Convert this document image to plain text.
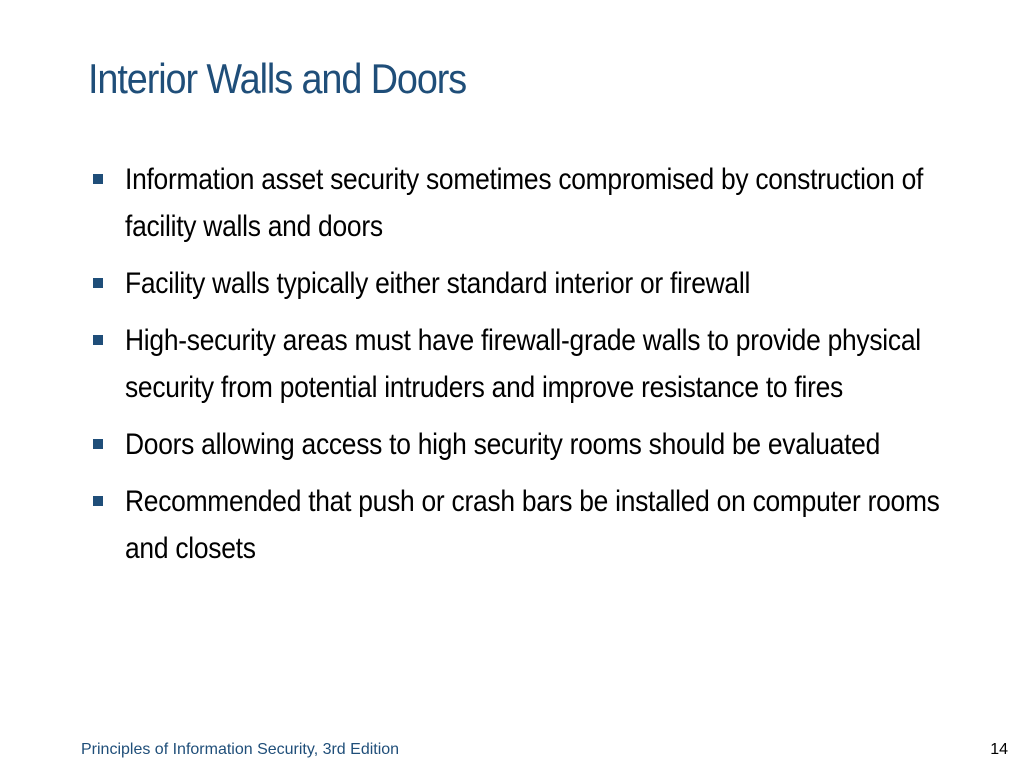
Interior Walls and Doors
Information asset security sometimes compromised by construction of facility walls and doors
Facility walls typically either standard interior or firewall
High-security areas must have firewall-grade walls to provide physical security from potential intruders and improve resistance to fires
Doors allowing access to high security rooms should be evaluated
Recommended that push or crash bars be installed on computer rooms and closets
Principles of Information Security, 3rd Edition	14
